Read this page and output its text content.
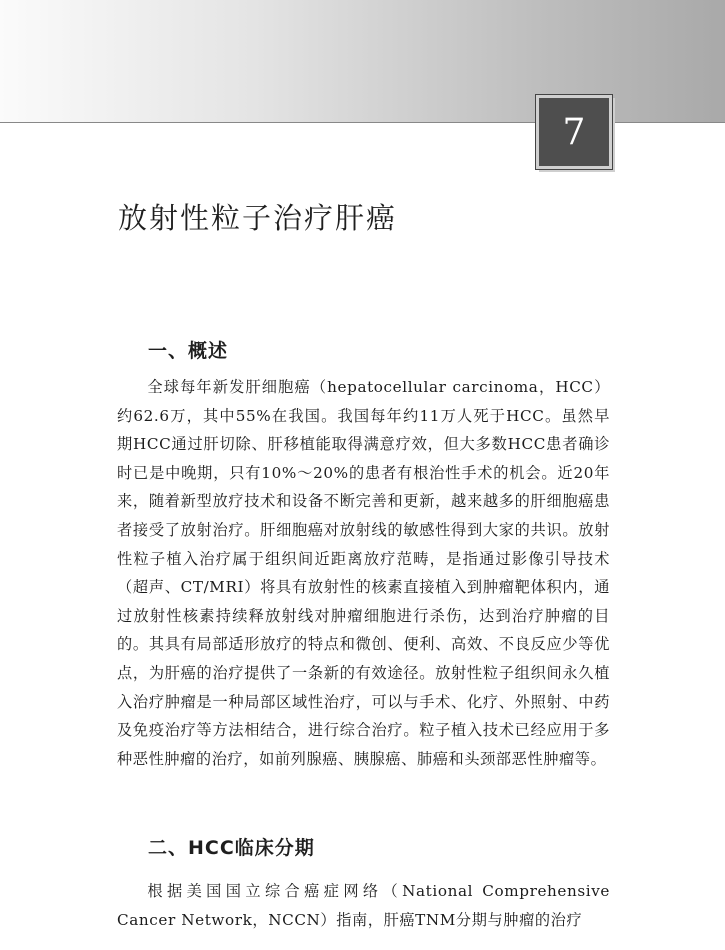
7
放射性粒子治疗肝癌
一、概述

全球每年新发肝细胞癌（hepatocellular carcinoma，HCC）约62.6万，其中55%在我国。我国每年约11万人死于HCC。虽然早期HCC通过肝切除、肝移植能取得满意疗效，但大多数HCC患者确诊时已是中晚期，只有10%～20%的患者有根治性手术的机会。近20年来，随着新型放疗技术和设备不断完善和更新，越来越多的肝细胞癌患者接受了放射治疗。肝细胞癌对放射线的敏感性得到大家的共识。放射性粒子植入治疗属于组织间近距离放疗范畴，是指通过影像引导技术（超声、CT/MRI）将具有放射性的核素直接植入到肿瘤靶体积内，通过放射性核素持续释放射线对肿瘤细胞进行杀伤，达到治疗肿瘤的目的。其具有局部适形放疗的特点和微创、便利、高效、不良反应少等优点，为肝癌的治疗提供了一条新的有效途径。放射性粒子组织间永久植入治疗肿瘤是一种局部区域性治疗，可以与手术、化疗、外照射、中药及免疫治疗等方法相结合，进行综合治疗。粒子植入技术已经应用于多种恶性肿瘤的治疗，如前列腺癌、胰腺癌、肺癌和头颈部恶性肿瘤等。

二、HCC临床分期

根据美国国立综合癌症网络（National Comprehensive Cancer Network，NCCN）指南，肝癌TNM分期与肿瘤的治疗
